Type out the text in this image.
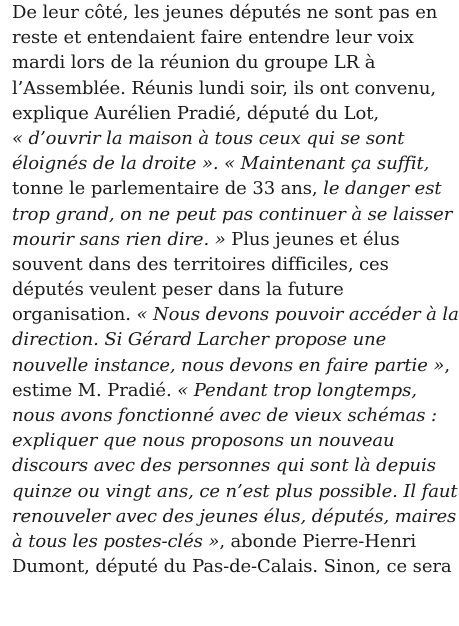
De leur côté, les jeunes députés ne sont pas en
reste et entendaient faire entendre leur voix
mardi lors de la réunion du groupe LR à
l’Assemblée. Réunis lundi soir, ils ont convenu,
explique Aurélien Pradié, député du Lot,
« d’ouvrir la maison à tous ceux qui se sont
éloignés de la droite ». « Maintenant ça suffit,
tonne le parlementaire de 33 ans, le danger est
trop grand, on ne peut pas continuer à se laisser
mourir sans rien dire. » Plus jeunes et élus
souvent dans des territoires difficiles, ces
députés veulent peser dans la future
organisation. « Nous devons pouvoir accéder à la
direction. Si Gérard Larcher propose une
nouvelle instance, nous devons en faire partie »,
estime M. Pradié. « Pendant trop longtemps,
nous avons fonctionné avec de vieux schémas :
expliquer que nous proposons un nouveau
discours avec des personnes qui sont là depuis
quinze ou vingt ans, ce n’est plus possible. Il faut
renouveler avec des jeunes élus, députés, maires
à tous les postes-clés », abonde Pierre-Henri
Dumont, député du Pas-de-Calais. Sinon, ce sera
